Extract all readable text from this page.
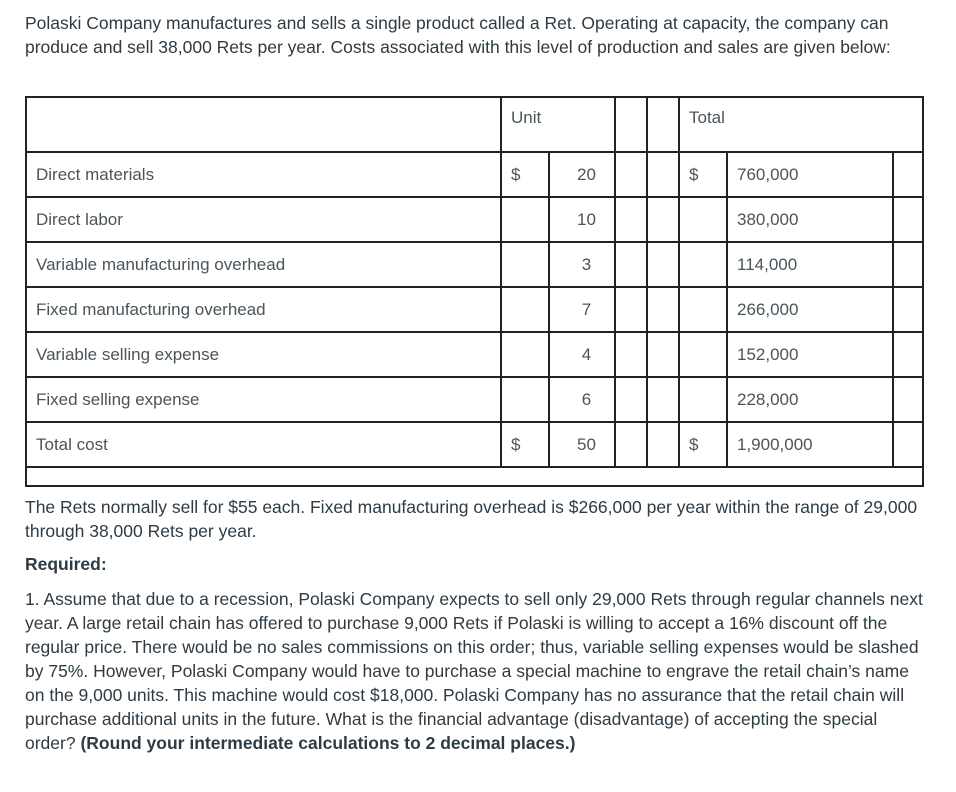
Polaski Company manufactures and sells a single product called a Ret. Operating at capacity, the company can produce and sell 38,000 Rets per year. Costs associated with this level of production and sales are given below:

	Unit				Total		
Direct materials	$	20			$	760,000	
Direct labor		10				380,000	
Variable manufacturing overhead		3				114,000	
Fixed manufacturing overhead		7				266,000	
Variable selling expense		4				152,000	
Fixed selling expense		6				228,000	
Total cost	$	50			$	1,900,000	

The Rets normally sell for $55 each. Fixed manufacturing overhead is $266,000 per year within the range of 29,000 through 38,000 Rets per year.

Required:

1. Assume that due to a recession, Polaski Company expects to sell only 29,000 Rets through regular channels next year. A large retail chain has offered to purchase 9,000 Rets if Polaski is willing to accept a 16% discount off the regular price. There would be no sales commissions on this order; thus, variable selling expenses would be slashed by 75%. However, Polaski Company would have to purchase a special machine to engrave the retail chain’s name on the 9,000 units. This machine would cost $18,000. Polaski Company has no assurance that the retail chain will purchase additional units in the future. What is the financial advantage (disadvantage) of accepting the special order? (Round your intermediate calculations to 2 decimal places.)
